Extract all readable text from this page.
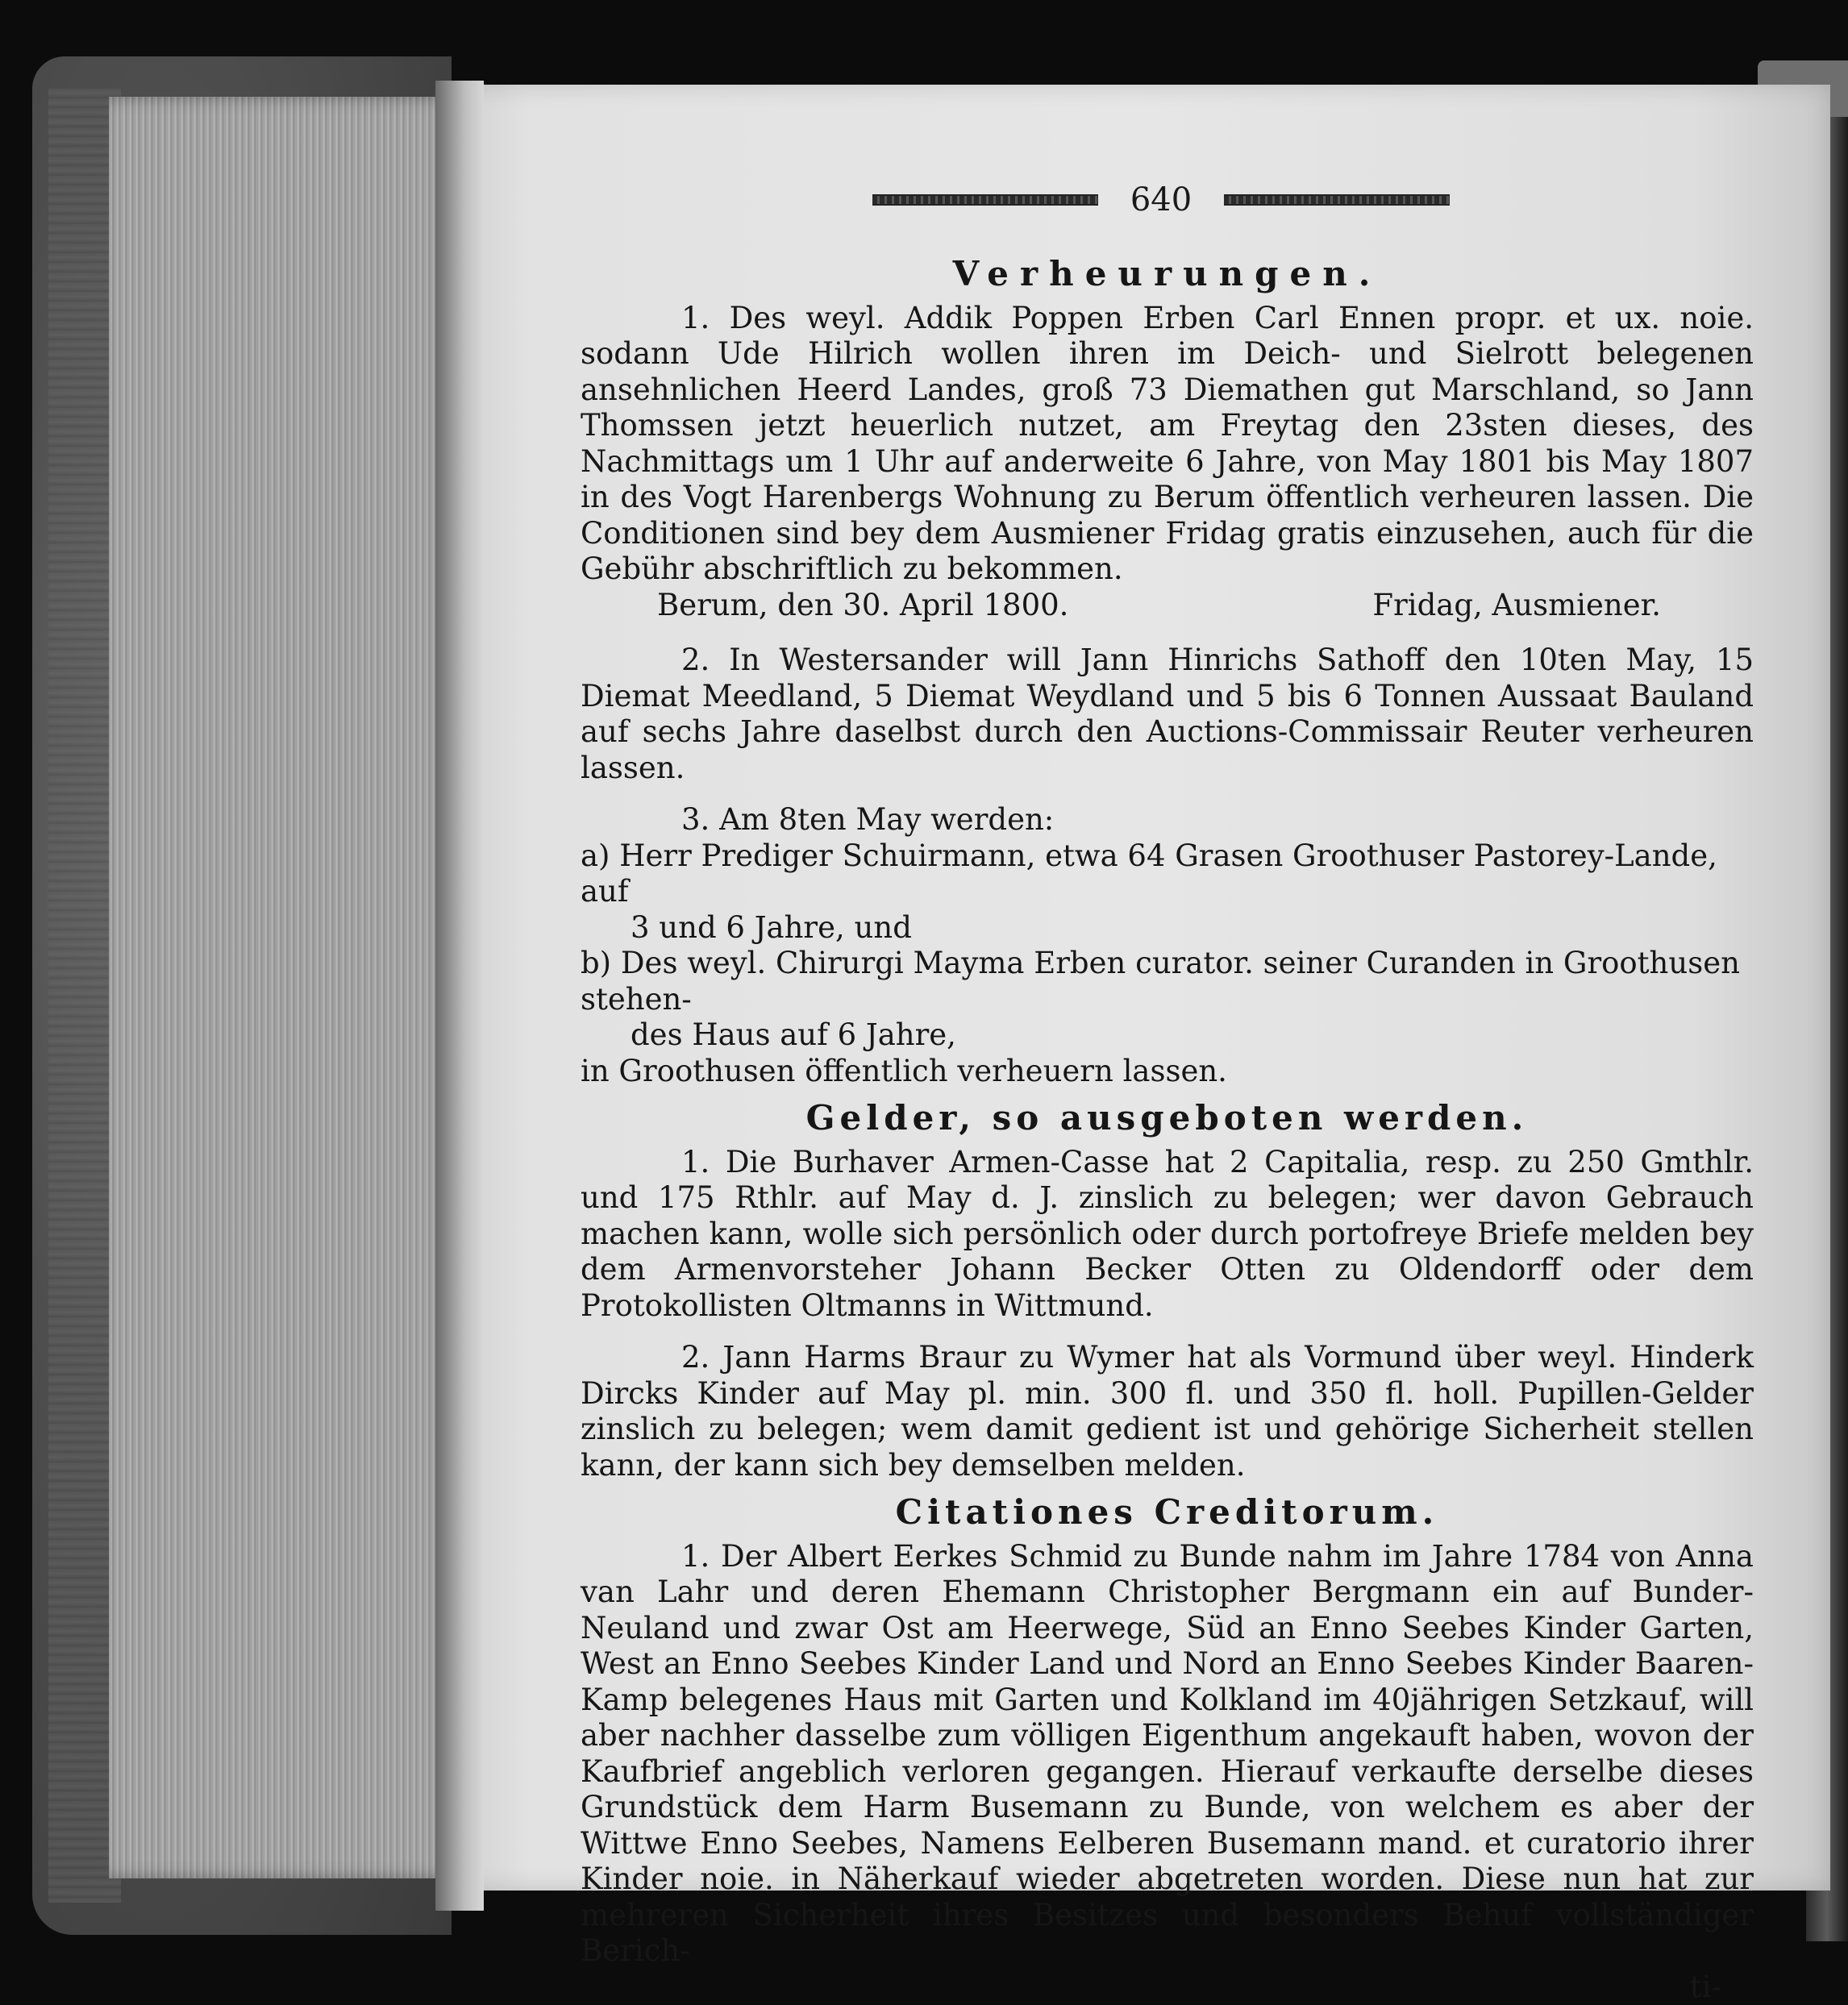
640
Verheurungen.

1. Des weyl. Addik Poppen Erben Carl Ennen propr. et ux. noie. sodann Ude Hilrich wollen ihren im Deich- und Sielrott belegenen ansehnlichen Heerd Landes, groß 73 Diemathen gut Marschland, so Jann Thomssen jetzt heuerlich nutzet, am Freytag den 23sten dieses, des Nachmittags um 1 Uhr auf anderweite 6 Jahre, von May 1801 bis May 1807 in des Vogt Harenbergs Wohnung zu Berum öffentlich verheuren lassen. Die Conditionen sind bey dem Ausmiener Fridag gratis einzusehen, auch für die Gebühr abschriftlich zu bekommen.

Berum, den 30. April 1800.	Fridag, Ausmiener.

2. In Westersander will Jann Hinrichs Sathoff den 10ten May, 15 Diemat Meedland, 5 Diemat Weydland und 5 bis 6 Tonnen Aussaat Bauland auf sechs Jahre daselbst durch den Auctions-Commissair Reuter verheuren lassen.

3. Am 8ten May werden:

a) Herr Prediger Schuirmann, etwa 64 Grasen Groothuser Pastorey-Lande, auf
3 und 6 Jahre, und
b) Des weyl. Chirurgi Mayma Erben curator. seiner Curanden in Groothusen stehen-
des Haus auf 6 Jahre,
in Groothusen öffentlich verheuern lassen.
Gelder, so ausgeboten werden.

1. Die Burhaver Armen-Casse hat 2 Capitalia, resp. zu 250 Gmthlr. und 175 Rthlr. auf May d. J. zinslich zu belegen; wer davon Gebrauch machen kann, wolle sich persönlich oder durch portofreye Briefe melden bey dem Armenvorsteher Johann Becker Otten zu Oldendorff oder dem Protokollisten Oltmanns in Wittmund.

2. Jann Harms Braur zu Wymer hat als Vormund über weyl. Hinderk Dircks Kinder auf May pl. min. 300 fl. und 350 fl. holl. Pupillen-Gelder zinslich zu belegen; wem damit gedient ist und gehörige Sicherheit stellen kann, der kann sich bey demselben melden.

Citationes Creditorum.

1. Der Albert Eerkes Schmid zu Bunde nahm im Jahre 1784 von Anna van Lahr und deren Ehemann Christopher Bergmann ein auf Bunder-Neuland und zwar Ost am Heerwege, Süd an Enno Seebes Kinder Garten, West an Enno Seebes Kinder Land und Nord an Enno Seebes Kinder Baaren-Kamp belegenes Haus mit Garten und Kolkland im 40jährigen Setzkauf, will aber nachher dasselbe zum völligen Eigenthum angekauft haben, wovon der Kaufbrief angeblich verloren gegangen. Hierauf verkaufte derselbe dieses Grundstück dem Harm Busemann zu Bunde, von welchem es aber der Wittwe Enno Seebes, Namens Eelberen Busemann mand. et curatorio ihrer Kinder noie. in Näherkauf wieder abgetreten worden. Diese nun hat zur mehreren Sicherheit ihres Besitzes und besonders Behuf vollständiger Berich-

ti-
